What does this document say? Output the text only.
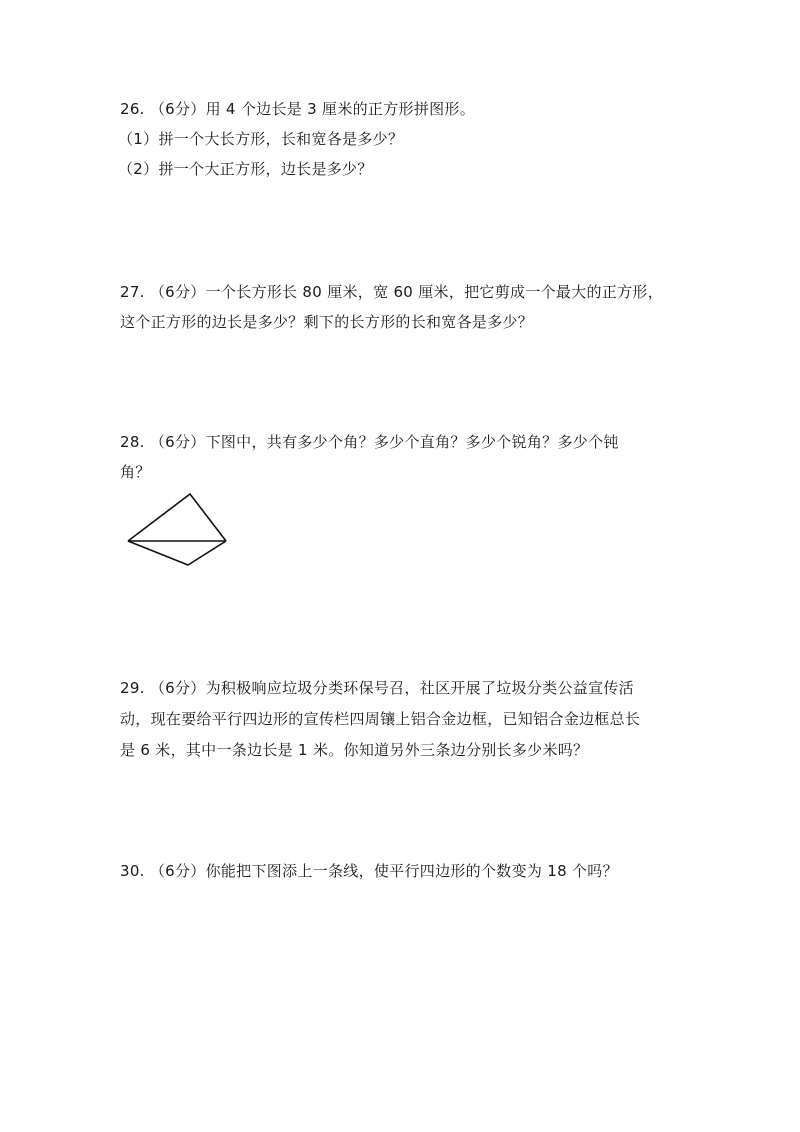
26. （6分）用 4 个边长是 3 厘米的正方形拼图形。
（1）拼一个大长方形，长和宽各是多少？
（2）拼一个大正方形，边长是多少？
27. （6分）一个长方形长 80 厘米，宽 60 厘米，把它剪成一个最大的正方形，
这个正方形的边长是多少？剩下的长方形的长和宽各是多少？
28. （6分）下图中，共有多少个角？多少个直角？多少个锐角？多少个钝
角？
29. （6分）为积极响应垃圾分类环保号召，社区开展了垃圾分类公益宣传活
动，现在要给平行四边形的宣传栏四周镶上铝合金边框，已知铝合金边框总长
是 6 米，其中一条边长是 1 米。你知道另外三条边分别长多少米吗？
30. （6分）你能把下图添上一条线，使平行四边形的个数变为 18 个吗？
